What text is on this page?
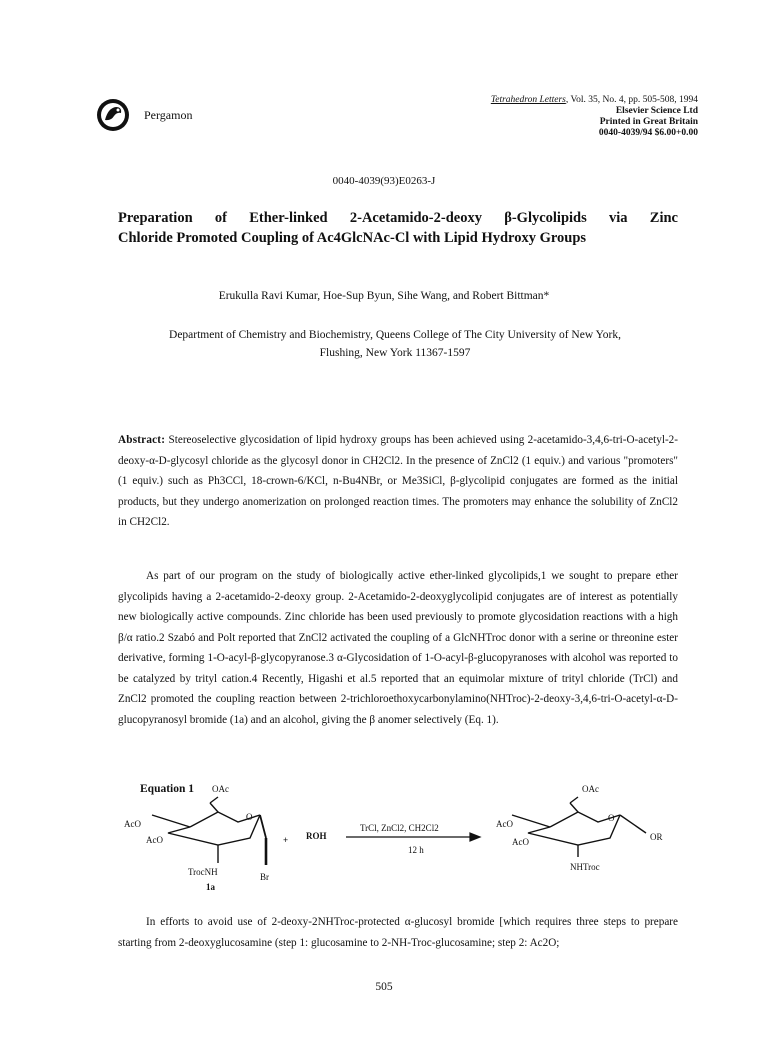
Pergamon
Tetrahedron Letters, Vol. 35, No. 4, pp. 505-508, 1994
Elsevier Science Ltd
Printed in Great Britain
0040-4039/94 $6.00+0.00
0040-4039(93)E0263-J
Preparation of Ether-linked 2-Acetamido-2-deoxy β-Glycolipids via Zinc
Chloride Promoted Coupling of Ac4GlcNAc-Cl with Lipid Hydroxy Groups
Erukulla Ravi Kumar, Hoe-Sup Byun, Sihe Wang, and Robert Bittman*
Department of Chemistry and Biochemistry, Queens College of The City University of New York,
Flushing, New York 11367-1597
Abstract: Stereoselective glycosidation of lipid hydroxy groups has been achieved using 2-acetamido-3,4,6-tri-O-acetyl-2-deoxy-α-D-glycosyl chloride as the glycosyl donor in CH2Cl2. In the presence of ZnCl2 (1 equiv.) and various "promoters" (1 equiv.) such as Ph3CCl, 18-crown-6/KCl, n-Bu4NBr, or Me3SiCl, β-glycolipid conjugates are formed as the initial products, but they undergo anomerization on prolonged reaction times. The promoters may enhance the solubility of ZnCl2 in CH2Cl2.

As part of our program on the study of biologically active ether-linked glycolipids,1 we sought to prepare ether glycolipids having a 2-acetamido-2-deoxy group. 2-Acetamido-2-deoxyglycolipid conjugates are of interest as potentially new biologically active compounds. Zinc chloride has been used previously to promote glycosidation reactions with a high β/α ratio.2 Szabó and Polt reported that ZnCl2 activated the coupling of a GlcNHTroc donor with a serine or threonine ester derivative, forming 1-O-acyl-β-glycopyranose.3 α-Glycosidation of 1-O-acyl-β-glucopyranoses with alcohol was reported to be catalyzed by trityl cation.4 Recently, Higashi et al.5 reported that an equimolar mixture of trityl chloride (TrCl) and ZnCl2 promoted the coupling reaction between 2-trichloroethoxycarbonylamino(NHTroc)-2-deoxy-3,4,6-tri-O-acetyl-α-D-glucopyranosyl bromide (1a) and an alcohol, giving the β anomer selectively (Eq. 1).

Equation 1 OAc
AcO
AcO
O
TrocNH	Br
1a
+ ROH
TrCl, ZnCl2, CH2Cl2
12 h
OAc
AcO
AcO
O
OR
NHTroc

In efforts to avoid use of 2-deoxy-2NHTroc-protected α-glucosyl bromide [which requires three steps to prepare starting from 2-deoxyglucosamine (step 1: glucosamine to 2-NH-Troc-glucosamine; step 2: Ac2O;

505
